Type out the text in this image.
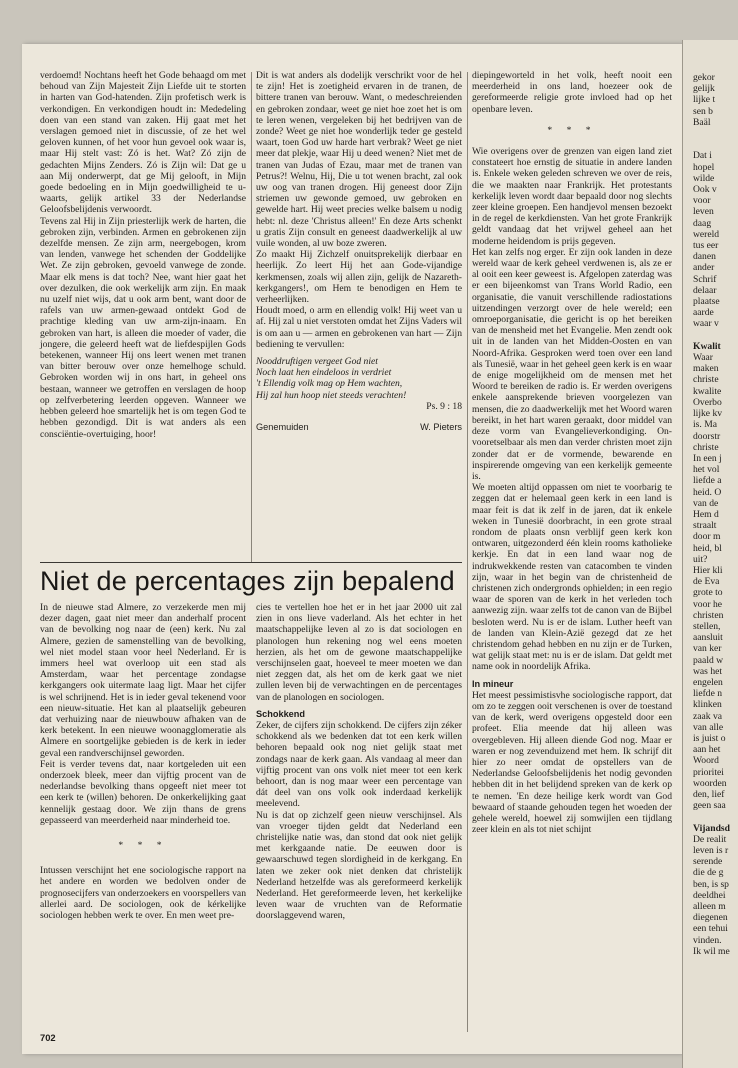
gekor

gelijk

lijke t

sen b

Baäl

Dat i

hopel

wilde

Ook v

voor

leven

daag

wereld

tus eer

danen

ander

Schrif

delaar

plaatse

aarde

waar v

Kwalit

Waar

maken

christe

kwalite

Overbo

lijke kv

is. Ma

doorstr

christe

In een j

het vol

liefde a

heid. O

van de

Hem d

straalt

door m

heid, bl

uit?

Hier kli

de Eva

grote to

voor he

christen

stellen,

aansluit

van ker

paald w

was het

engelen

liefde n

klinken

zaak va

van alle

is juist o

aan het

Woord

prioritei

woorden

den, lief

geen saa

Vijandsd

De realit

leven is r

serende

die de g

ben, is sp

deeldhei

alleen m

diegenen

een tehui

vinden.

Ik wil me

verdoemd! Nochtans heeft het Gode behaagd om met behoud van Zijn Majesteit Zijn Liefde uit te storten in harten van God-hatenden. Zijn profetisch werk is verkondigen. En verkondigen houdt in: Mededeling doen van een stand van zaken. Hij gaat met het verslagen gemoed niet in discussie, of ze het wel geloven kunnen, of het voor hun gevoel ook waar is, maar Hij stelt vast: Zó is het. Wat? Zó zijn de gedachten Mijns Zenders. Zó is Zijn wil: Dat ge u aan Mij onderwerpt, dat ge Mij gelooft, in Mijn goede bedoeling en in Mijn goedwilligheid te u-waarts, gelijk artikel 33 der Nederlandse Geloofsbelijdenis verwoordt.

Tevens zal Hij in Zijn priesterlijk werk de harten, die gebroken zijn, verbinden. Armen en gebrokenen zijn dezelfde mensen. Ze zijn arm, neergebogen, krom van lenden, vanwege het schenden der Goddelijke Wet. Ze zijn gebroken, gevoeld vanwege de zonde. Maar elk mens is dat toch? Nee, want hier gaat het over dezulken, die ook werkelijk arm zijn. En maak nu uzelf niet wijs, dat u ook arm bent, want door de rafels van uw armen-gewaad ontdekt God de prachtige kleding van uw arm-zijn-inaam. En gebroken van hart, is alleen die moeder of vader, die jongere, die geleerd heeft wat de liefdespijlen Gods betekenen, wanneer Hij ons leert wenen met tranen van bitter berouw over onze hemelhoge schuld. Gebroken worden wij in ons hart, in geheel ons bestaan, wanneer we getroffen en verslagen de hoop op zelfverbetering leerden opgeven. Wanneer we hebben geleerd hoe smartelijk het is om tegen God te hebben gezondigd. Dit is wat anders als een consciëntie-overtuiging, hoor!

Dit is wat anders als dodelijk verschrikt voor de hel te zijn! Het is zoetigheid ervaren in de tranen, de bittere tranen van berouw. Want, o medeschreienden en gebroken zondaar, weet ge niet hoe zoet het is om te leren wenen, vergeleken bij het bedrijven van de zonde? Weet ge niet hoe wonderlijk teder ge gesteld waart, toen God uw harde hart verbrak? Weet ge niet meer dat plekje, waar Hij u deed wenen? Niet met de tranen van Judas of Ezau, maar met de tranen van Petrus?! Welnu, Hij, Die u tot wenen bracht, zal ook uw oog van tranen drogen. Hij geneest door Zijn striemen uw gewonde gemoed, uw gebroken en gewelde hart. Hij weet precies welke balsem u nodig hebt: nl. deze 'Christus alleen!' En deze Arts schenkt u gratis Zijn consult en geneest daadwerkelijk al uw vuile wonden, al uw boze zweren.

Zo maakt Hij Zichzelf onuitsprekelijk dierbaar en heerlijk. Zo leert Hij het aan Gode-vijandige kerkmensen, zoals wij allen zijn, gelijk de Nazareth-kerkgangers!, om Hem te benodigen en Hem te verheerlijken.

Houdt moed, o arm en ellendig volk! Hij weet van u af. Hij zal u niet verstoten omdat het Zijns Vaders wil is om aan u — armen en gebrokenen van hart — Zijn bediening te vervullen:

Nooddruftigen vergeet God niet

Noch laat hen eindeloos in verdriet

't Ellendig volk mag op Hem wachten,

Hij zal hun hoop niet steeds verachten!

Ps. 9 : 18

Genemuiden	W. Pieters

diepingeworteld in het volk, heeft nooit een meerderheid in ons land, hoezeer ook de gereformeerde religie grote invloed had op het openbare leven.

* * *

Wie overigens over de grenzen van eigen land ziet constateert hoe ernstig de situatie in andere landen is. Enkele weken geleden schreven we over de reis, die we maakten naar Frankrijk. Het protestants kerkelijk leven wordt daar bepaald door nog slechts zeer kleine groepen. Een handjevol mensen bezoekt in de regel de kerkdiensten. Van het grote Frankrijk geldt vandaag dat het vrijwel geheel aan het moderne heidendom is prijs gegeven.

Het kan zelfs nog erger. Er zijn ook landen in deze wereld waar de kerk geheel verdwenen is, als ze er al ooit een keer geweest is. Afgelopen zaterdag was er een bijeenkomst van Trans World Radio, een organisatie, die vanuit verschillende radiostations uitzendingen verzorgt over de hele wereld; een omroeporganisatie, die gericht is op het bereiken van de mensheid met het Evangelie. Men zendt ook uit in de landen van het Midden-Oosten en van Noord-Afrika. Gesproken werd toen over een land als Tunesië, waar in het geheel geen kerk is en waar de enige mogelijkheid om de mensen met het Woord te bereiken de radio is. Er werden overigens enkele aansprekende brieven voorgelezen van mensen, die zo daadwerkelijk met het Woord waren bereikt, in het hart waren geraakt, door middel van deze vorm van Evangelieverkondiging. On-vooretselbaar als men dan verder christen moet zijn zonder dat er de vormende, bewarende en inspirerende omgeving van een kerkelijk gemeente is.

We moeten altijd oppassen om niet te voorbarig te zeggen dat er helemaal geen kerk in een land is maar feit is dat ik zelf in de jaren, dat ik enkele weken in Tunesië doorbracht, in een grote straal rondom de plaats onsn verblijf geen kerk kon ontwaren, uitgezonderd één klein rooms katholieke kerkje. En dat in een land waar nog de indrukwekkende resten van catacomben te vinden zijn, waar in het begin van de christenheid de christenen zich ondergronds ophielden; in een regio waar de sporen van de kerk in het verleden toch aanwezig zijn. waar zelfs tot de canon van de Bijbel besloten werd. Nu is er de islam. Luther heeft van de landen van Klein-Azië gezegd dat ze het christendom gehad hebben en nu zijn er de Turken, wat gelijk staat met: nu is er de islam. Dat geldt met name ook in noordelijk Afrika.

In mineur

Het meest pessimistisvhe sociologische rapport, dat om zo te zeggen ooit verschenen is over de toestand van de kerk, werd overigens opgesteld door een profeet. Elia meende dat hij alleen was overgebleven. Hij alleen diende God nog. Maar er waren er nog zevenduizend met hem. Ik schrijf dit hier zo neer omdat de opstellers van de Nederlandse Geloofsbelijdenis het nodig gevonden hebben dit in het belijdend spreken van de kerk op te nemen. 'En deze heilige kerk wordt van God bewaard of staande gehouden tegen het woeden der gehele wereld, hoewel zij somwijlen een tijdlang zeer klein en als tot niet schijnt

Niet de percentages zijn bepalend

In de nieuwe stad Almere, zo verzekerde men mij dezer dagen, gaat niet meer dan anderhalf procent van de bevolking nog naar de (een) kerk. Nu zal Almere, gezien de samenstelling van de bevolking, wel niet model staan voor heel Nederland. Er is immers heel wat overloop uit een stad als Amsterdam, waar het percentage zondagse kerkgangers ook uitermate laag ligt. Maar het cijfer is wel schrijnend. Het is in ieder geval tekenend voor een nieuw-situatie. Het kan al plaatselijk gebeuren dat verhuizing naar de nieuwbouw afhaken van de kerk betekent. In een nieuwe woonagglomeratie als Almere en soortgelijke gebieden is de kerk in ieder geval een randverschijnsel geworden.

Feit is verder tevens dat, naar kortgeleden uit een onderzoek bleek, meer dan vijftig procent van de nederlandse bevolking thans opgeeft niet meer tot een kerk te (willen) behoren. De onkerkelijking gaat kennelijk gestaag door. We zijn thans de grens gepasseerd van meerderheid naar minderheid toe.

* * *

Intussen verschijnt het ene sociologische rapport na het andere en worden we bedolven onder de prognosecijfers van onderzoekers en voorspellers van allerlei aard. De sociologen, ook de kérkelijke sociologen hebben werk te over. En men weet pre-

cies te vertellen hoe het er in het jaar 2000 uit zal zien in ons lieve vaderland. Als het echter in het maatschappelijke leven al zo is dat sociologen en planologen hun rekening nog wel eens moeten herzien, als het om de gewone maatschappelijke verschijnselen gaat, hoeveel te meer moeten we dan niet zeggen dat, als het om de kerk gaat we niet zullen leven bij de verwachtingen en de percentages van de planologen en sociologen.

Schokkend

Zeker, de cijfers zijn schokkend. De cijfers zijn zéker schokkend als we bedenken dat tot een kerk willen behoren bepaald ook nog niet gelijk staat met zondags naar de kerk gaan. Als vandaag al meer dan vijftig procent van ons volk niet meer tot een kerk behoort, dan is nog maar weer een percentage van dát deel van ons volk ook inderdaad kerkelijk meelevend.

Nu is dat op zichzelf geen nieuw verschijnsel. Als van vroeger tijden geldt dat Nederland een christelijke natie was, dan stond dat ook niet gelijk met kerkgaande natie. De eeuwen door is gewaarschuwd tegen slordigheid in de kerkgang. En laten we zeker ook niet denken dat christelijk Nederland hetzelfde was als gereformeerd kerkelijk Nederland. Het gereformeerde leven, het kerkelijke leven waar de vruchten van de Reformatie doorslaggevend waren,

702
